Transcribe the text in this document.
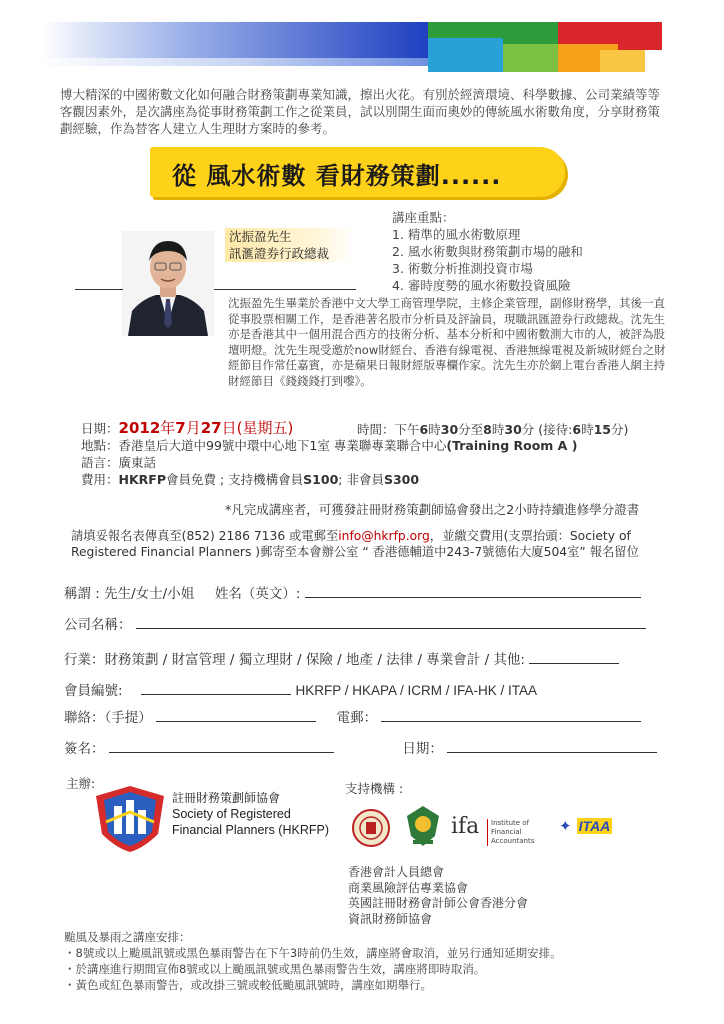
博大精深的中國術數文化如何融合財務策劃專業知識，擦出火花。有別於經濟環境、科學數據、公司業績等等客觀因素外，是次講座為從事財務策劃工作之從業員，試以別開生面而奧妙的傳統風水術數角度，分享財務策劃經驗，作為替客人建立人生理財方案時的參考。
從 風水術數 看財務策劃......
沈振盈先生
訊滙證券行政總裁
講座重點：
1. 精準的風水術數原理
2. 風水術數與財務策劃市場的融和
3. 術數分析推測投資市場
4. 審時度勢的風水術數投資風險
沈振盈先生畢業於香港中文大學工商管理學院，主修企業管理，副修財務學，其後一直從事股票相關工作，是香港著名股市分析員及評論員，現職訊匯證券行政總裁。沈先生亦是香港其中一個用混合西方的技術分析、基本分析和中國術數測大市的人，被評為股壇明燈。沈先生現受邀於now財經台、香港有線電視、香港無線電視及新城財經台之財經節目作常任嘉賓，亦是蘋果日報財經版專欄作家。沈先生亦於網上電台香港人網主持財經節目《錢錢錢打到嚟》。
日期：2012年7月27日(星期五)
地點：香港皇后大道中99號中環中心地下1室 專業聯專業聯合中心(Training Room A )
語言：廣東話
費用：HKRFP會員免費 ; 支持機構會員S100; 非會員S300
時間：下午6時30分至8時30分 (接待:6時15分)
*凡完成講座者，可獲發註冊財務策劃師協會發出之2小時持續進修學分證書
請填妥報名表傳真至(852) 2186 7136 或電郵至info@hkrfp.org，並繳交費用(支票抬頭：Society of Registered Financial Planners )郵寄至本會辦公室 “ 香港德輔道中243-7號德佑大廈504室” 報名留位
稱謂 : 先生/女士/小姐 姓名（英文）:
公司名稱：
行業：財務策劃 / 財富管理 / 獨立理財 / 保險 / 地產 / 法律 / 專業會計 / 其他:
會員編號:	HKRFP / HKAPA / ICRM / IFA-HK / ITAA
聯絡：（手提）	電郵：
簽名：	日期：
主辦:
註冊財務策劃師協會
Society of Registered
Financial Planners (HKRFP)
支持機構 :
ifa	Institute of
Financial Accountants
✦ ITAA
香港會計人員總會
商業風險評估專業協會
英國註冊財務會計師公會香港分會
資訊財務師協會
颱風及暴雨之講座安排：
・8號或以上颱風訊號或黑色暴雨警告在下午3時前仍生效，講座將會取消，並另行通知延期安排。
・於講座進行期間宣佈8號或以上颱風訊號或黑色暴雨警告生效，講座將即時取消。
・黃色或紅色暴雨警告，或改掛三號或較低颱風訊號時，講座如期舉行。
